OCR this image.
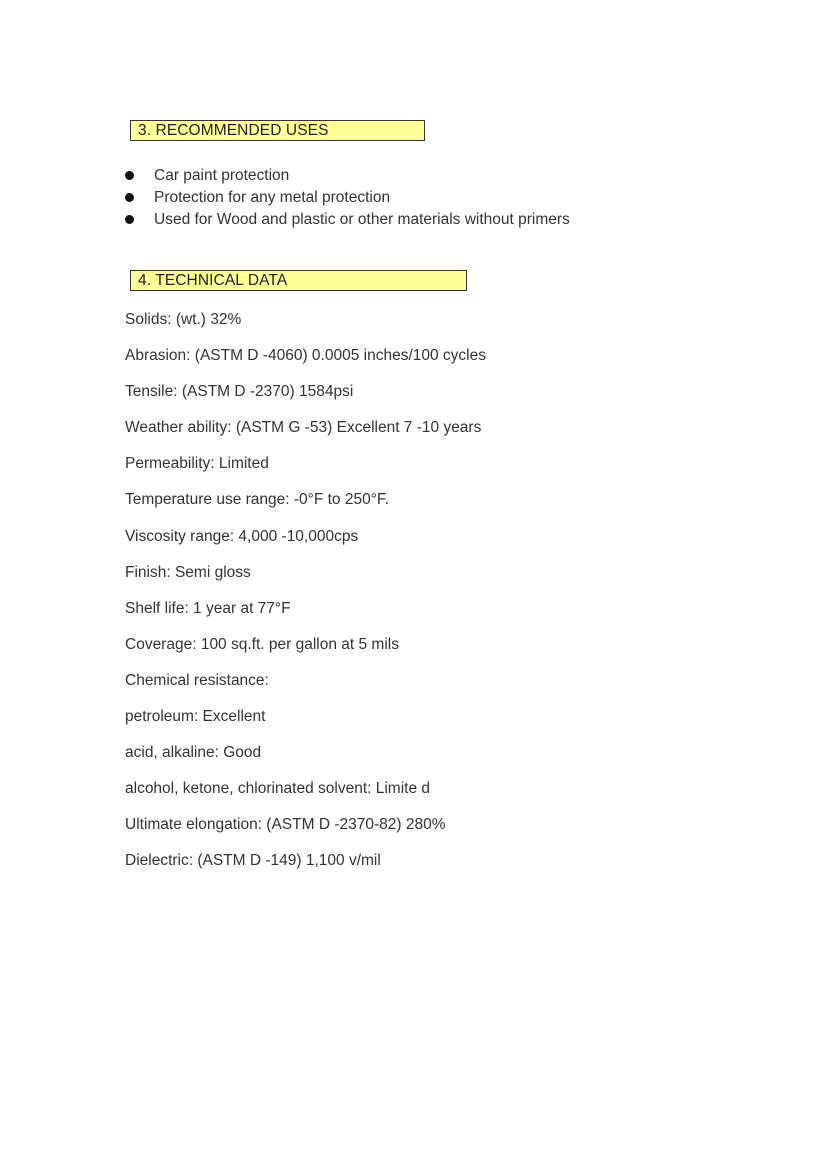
3. RECOMMENDED USES
Car paint protection
Protection for any metal protection
Used for Wood and plastic or other materials without primers
4. TECHNICAL DATA
Solids: (wt.) 32%
Abrasion: (ASTM D -4060) 0.0005 inches/100 cycles
Tensile: (ASTM D -2370) 1584psi
Weather ability: (ASTM G -53) Excellent 7 -10 years
Permeability: Limited
Temperature use range: -0°F to 250°F.
Viscosity range: 4,000 -10,000cps
Finish: Semi gloss
Shelf life: 1 year at 77°F
Coverage: 100 sq.ft. per gallon at 5 mils
Chemical resistance:
petroleum: Excellent
acid, alkaline: Good
alcohol, ketone, chlorinated solvent: Limite d
Ultimate elongation: (ASTM D -2370-82) 280%
Dielectric: (ASTM D -149) 1,100 v/mil
